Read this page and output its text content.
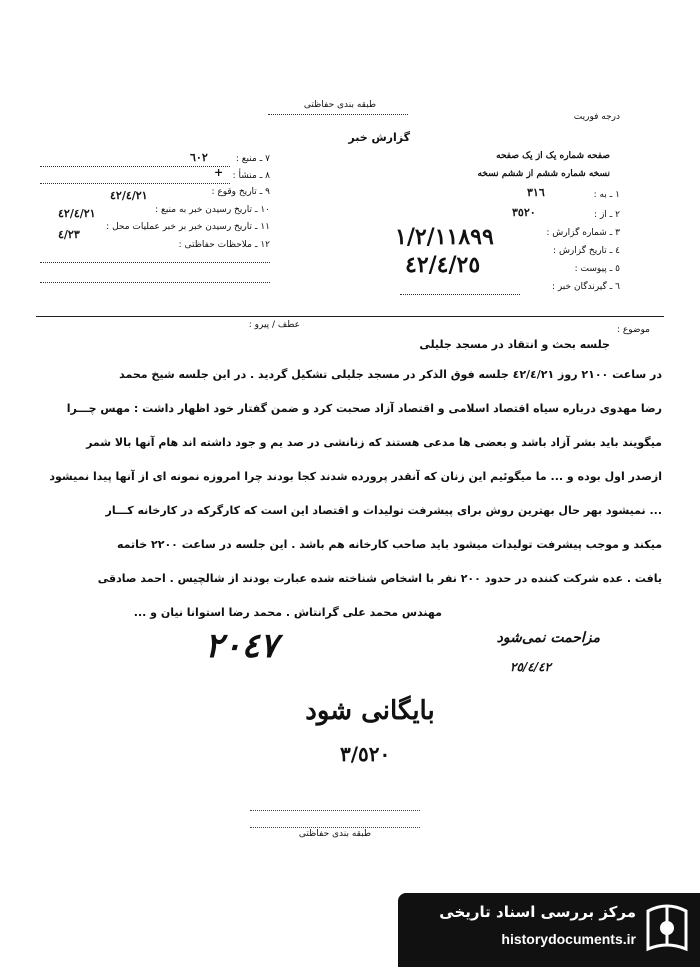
طبقه بندی حفاظتی
گزارش خبر
درجه فوریت
صفحه شماره یک از یک صفحه
نسخه شماره ششم از ششم نسخه
١ ـ به :
٣١٦
٢ ـ از :
٣٥٢٠
٣ ـ شماره گزارش :
١/٢/١١٨٩٩
٤ ـ تاریخ گزارش :
٤٢/٤/٢٥	٥ ـ پیوست :
٦ ـ گیرندگان خبر :
٧ ـ منبع :
٦٠٢
٨ ـ منشأ :
+
٩ ـ تاریخ وقوع :
٤٢/٤/٢١
١٠ ـ تاریخ رسیدن خبر به منبع :
٤٢/٤/٢١
١١ ـ تاریخ رسیدن خبر بر خبر عملیات محل :
٤/٢٣
١٢ ـ ملاحظات حفاظتی :
عطف / پیرو :	موضوع :
جلسه بحث و انتقاد در مسجد جلیلی
در ساعت ٢١٠٠ روز ٤٢/٤/٢١ جلسه فوق الذکر در مسجد جلیلی تشکیل گردید . در این جلسه شیخ محمد
رضا مهدوی درباره سیاه اقتصاد اسلامی و اقتصاد آزاد صحبت کرد و ضمن گفتار خود اظهار داشت : مهس چـــرا
میگویند باید بشر آزاد باشد و بعضی ها مدعی هستند که زنانشی در صد یم و جود داشته اند هام آنها بالا شمر
ازصدر اول بوده و ... ما میگوئیم این زنان که آنقدر پرورده شدند کجا بودند چرا امروزه نمونه ای از آنها پیدا نمیشود
... نمیشود بهر حال بهترین روش برای پیشرفت تولیدات و اقتصاد این است که کارگرکه در کارخانه کـــار
میکند و موجب پیشرفت تولیدات میشود باید صاحب کارخانه هم باشد . این جلسه در ساعت ٢٢٠٠ خاتمه
یافت . عده شرکت کننده در حدود ٢٠٠ نفر با اشخاص شناخته شده عبارت بودند از شالچیس . احمد صادقی
مهندس محمد علی گرانتاش . محمد رضا استوانا نیان و ...
٢٠٤٧	مزاحمت نمی‌شود
٢٥/٤/٤٢
بایگانی شود
٣/٥٢٠
طبقه بندی حفاظتی
مرکز بررسی اسناد تاریخی
historydocuments.ir
